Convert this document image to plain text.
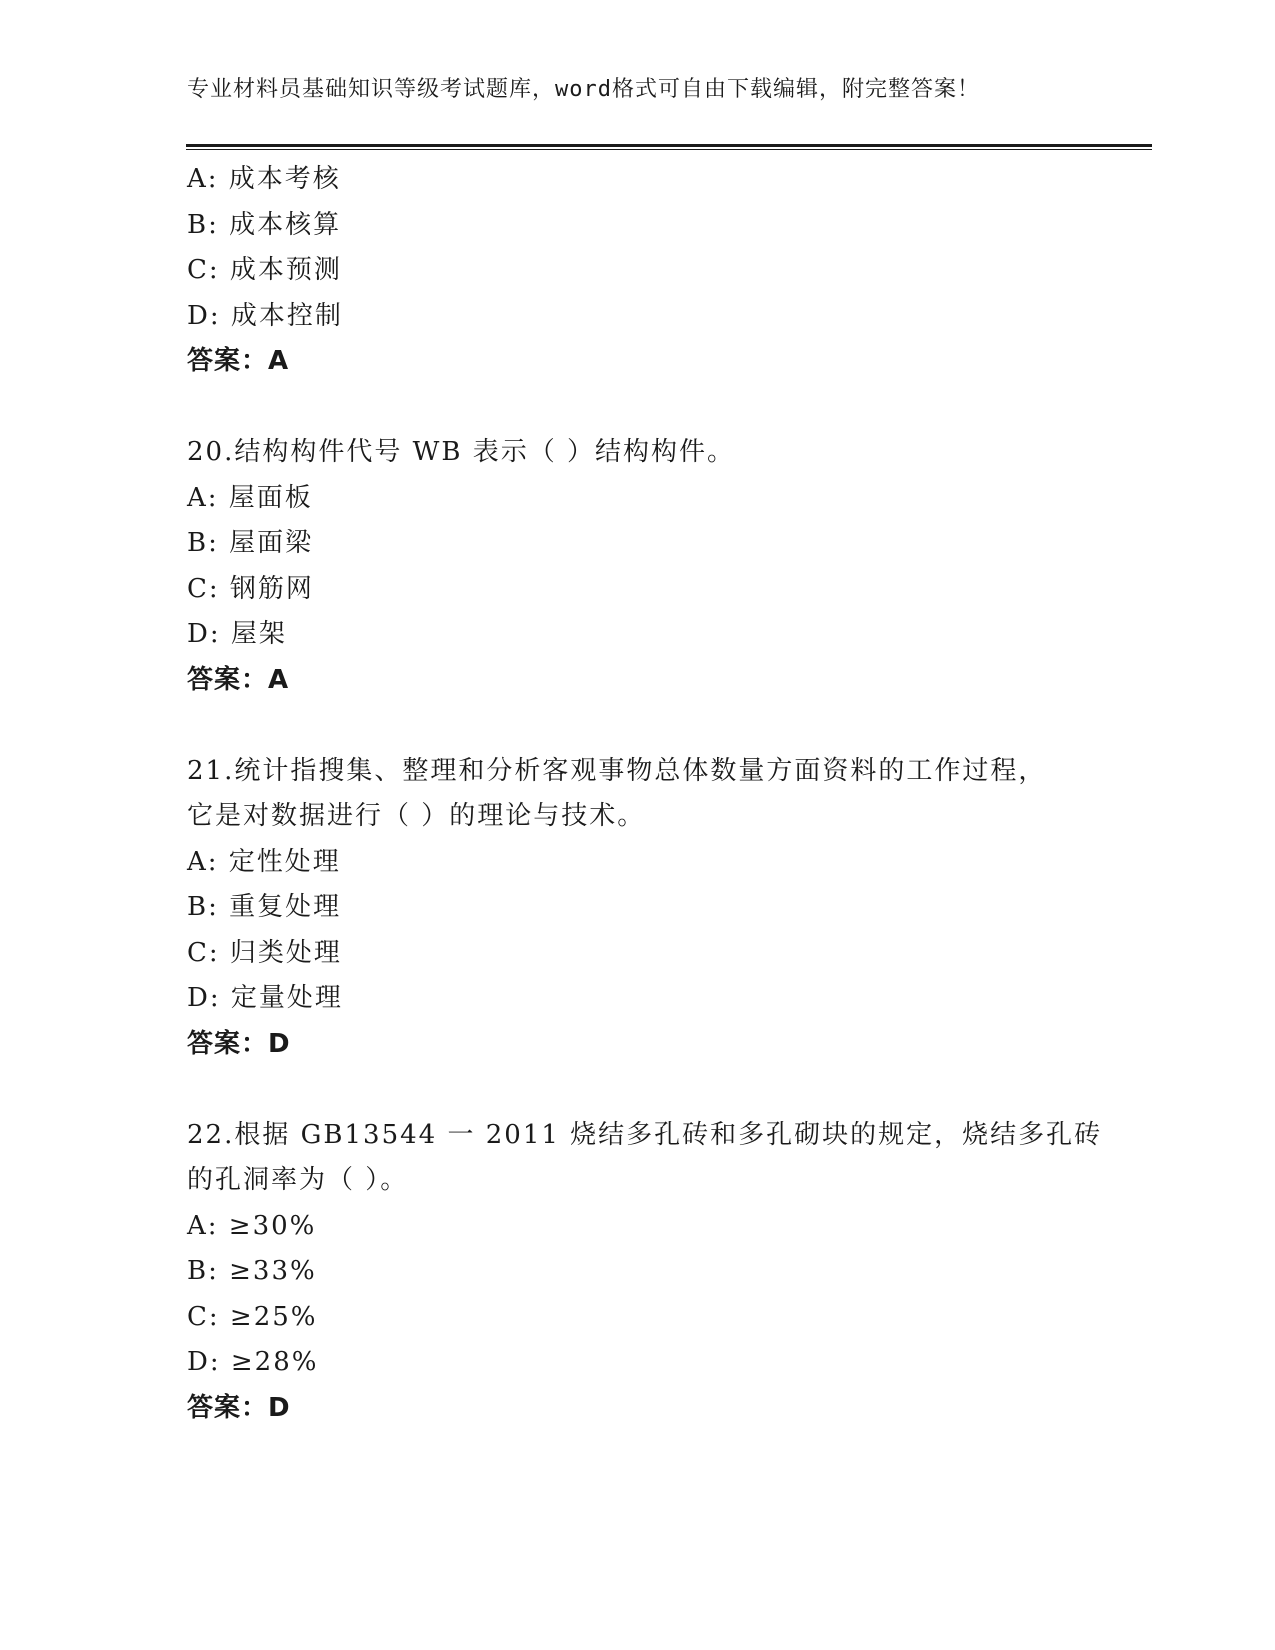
专业材料员基础知识等级考试题库，word格式可自由下载编辑，附完整答案！
A: 成本考核
B: 成本核算
C: 成本预测
D: 成本控制
答案：A
20.结构构件代号 WB 表示（ ）结构构件。
A: 屋面板
B: 屋面梁
C: 钢筋网
D: 屋架
答案：A
21.统计指搜集、整理和分析客观事物总体数量方面资料的工作过程，
它是对数据进行（ ）的理论与技术。
A: 定性处理
B: 重复处理
C: 归类处理
D: 定量处理
答案：D
22.根据 GB13544 一 2011 烧结多孔砖和多孔砌块的规定，烧结多孔砖
的孔洞率为（ ）。
A: ≥30%
B: ≥33%
C: ≥25%
D: ≥28%
答案：D
